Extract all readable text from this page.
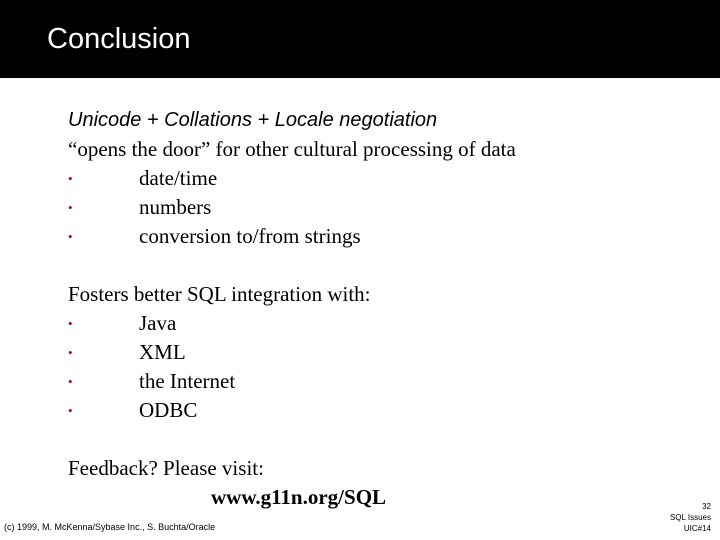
Conclusion
Unicode + Collations + Locale negotiation
“opens the door” for other cultural processing of data
•	date/time
•	numbers
•	conversion to/from strings
Fosters better SQL integration with:
•	Java
•	XML
•	the Internet
•	ODBC
Feedback? Please visit:
www.g11n.org/SQL
(c) 1999, M. McKenna/Sybase Inc., S. Buchta/Oracle
32
SQL Issues
UIC#14
